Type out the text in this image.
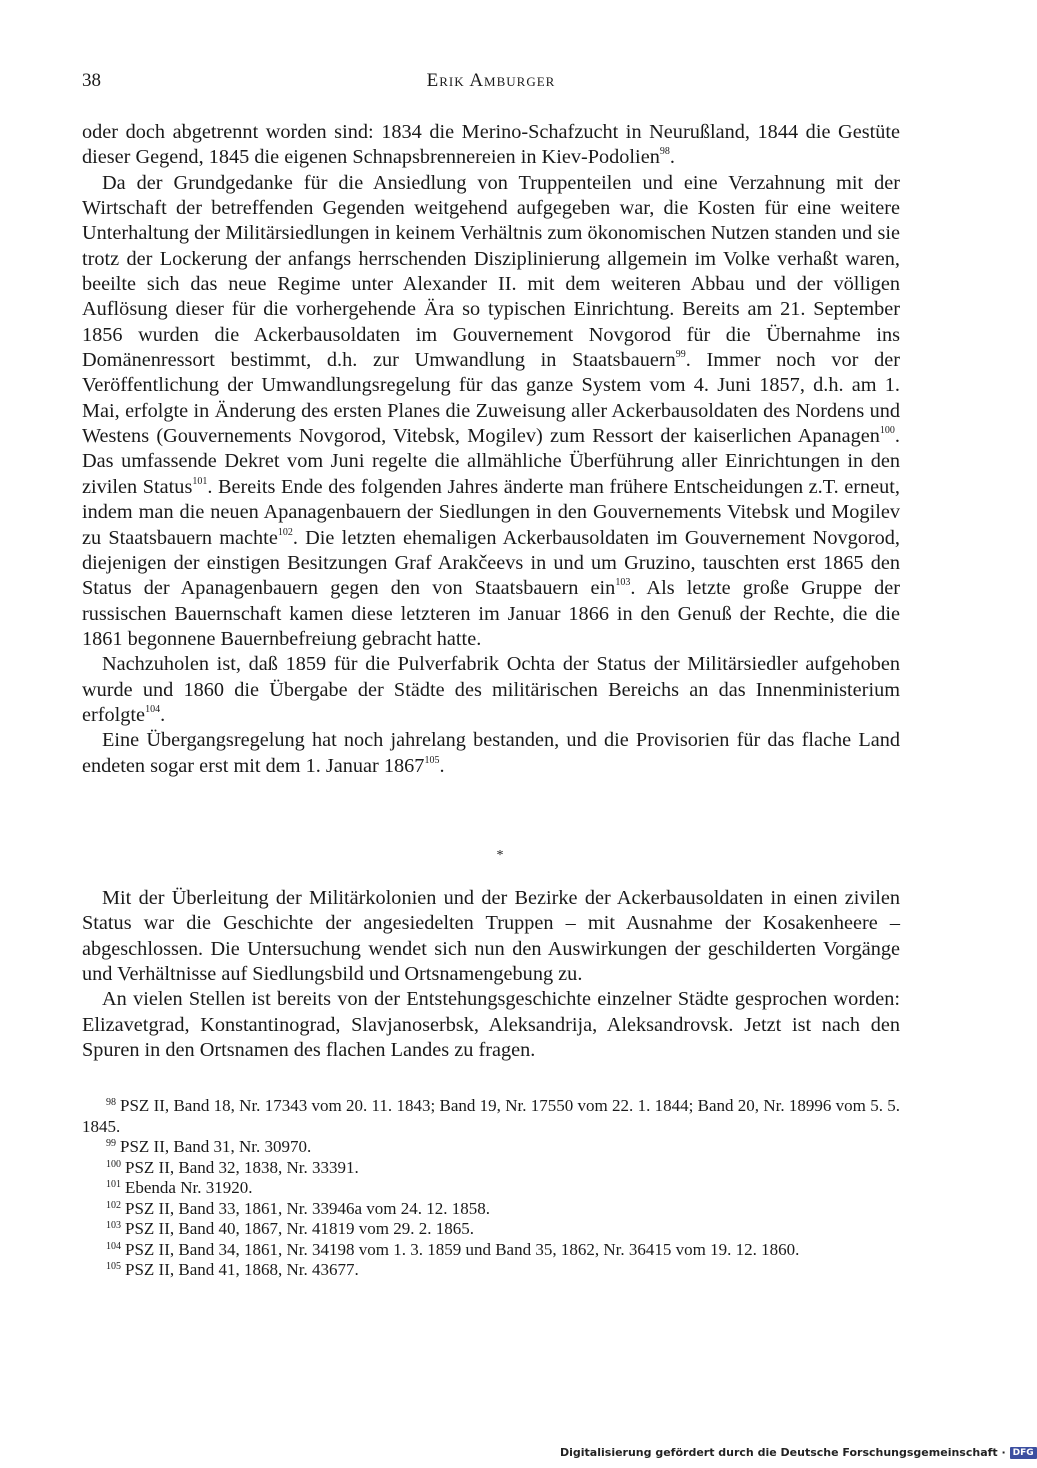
38	Erik Amburger

oder doch abgetrennt worden sind: 1834 die Merino-Schafzucht in Neurußland, 1844 die Gestüte dieser Gegend, 1845 die eigenen Schnapsbrennereien in Kiev-Podolien$^{98}$.

Da der Grundgedanke für die Ansiedlung von Truppenteilen und eine Verzahnung mit der Wirtschaft der betreffenden Gegenden weitgehend aufgegeben war, die Kosten für eine weitere Unterhaltung der Militärsiedlungen in keinem Verhältnis zum ökonomischen Nutzen standen und sie trotz der Lockerung der anfangs herrschenden Disziplinierung allgemein im Volke verhaßt waren, beeilte sich das neue Regime unter Alexander II. mit dem weiteren Abbau und der völligen Auflösung dieser für die vorhergehende Ära so typischen Einrichtung. Bereits am 21. September 1856 wurden die Ackerbausoldaten im Gouvernement Novgorod für die Übernahme ins Domänenressort bestimmt, d.h. zur Umwandlung in Staatsbauern$^{99}$. Immer noch vor der Veröffentlichung der Umwandlungsregelung für das ganze System vom 4. Juni 1857, d.h. am 1. Mai, erfolgte in Änderung des ersten Planes die Zuweisung aller Ackerbausoldaten des Nordens und Westens (Gouvernements Novgorod, Vitebsk, Mogilev) zum Ressort der kaiserlichen Apanagen$^{100}$. Das umfassende Dekret vom Juni regelte die allmähliche Überführung aller Einrichtungen in den zivilen Status$^{101}$. Bereits Ende des folgenden Jahres änderte man frühere Entscheidungen z.T. erneut, indem man die neuen Apanagenbauern der Siedlungen in den Gouvernements Vitebsk und Mogilev zu Staatsbauern machte$^{102}$. Die letzten ehemaligen Ackerbausoldaten im Gouvernement Novgorod, diejenigen der einstigen Besitzungen Graf Arakčeevs in und um Gruzino, tauschten erst 1865 den Status der Apanagenbauern gegen den von Staatsbauern ein$^{103}$. Als letzte große Gruppe der russischen Bauernschaft kamen diese letzteren im Januar 1866 in den Genuß der Rechte, die die 1861 begonnene Bauernbefreiung gebracht hatte.

Nachzuholen ist, daß 1859 für die Pulverfabrik Ochta der Status der Militärsiedler aufgehoben wurde und 1860 die Übergabe der Städte des militärischen Bereichs an das Innenministerium erfolgte$^{104}$.

Eine Übergangsregelung hat noch jahrelang bestanden, und die Provisorien für das flache Land endeten sogar erst mit dem 1. Januar 1867$^{105}$.

*

Mit der Überleitung der Militärkolonien und der Bezirke der Ackerbausoldaten in einen zivilen Status war die Geschichte der angesiedelten Truppen – mit Ausnahme der Kosakenheere – abgeschlossen. Die Untersuchung wendet sich nun den Auswirkungen der geschilderten Vorgänge und Verhältnisse auf Siedlungsbild und Ortsnamengebung zu.

An vielen Stellen ist bereits von der Entstehungsgeschichte einzelner Städte gesprochen worden: Elizavetgrad, Konstantinograd, Slavjanoserbsk, Aleksandrija, Aleksandrovsk. Jetzt ist nach den Spuren in den Ortsnamen des flachen Landes zu fragen.

$^{98}$ PSZ II, Band 18, Nr. 17343 vom 20. 11. 1843; Band 19, Nr. 17550 vom 22. 1. 1844; Band 20, Nr. 18996 vom 5. 5. 1845.

$^{99}$ PSZ II, Band 31, Nr. 30970.

$^{100}$ PSZ II, Band 32, 1838, Nr. 33391.

$^{101}$ Ebenda Nr. 31920.

$^{102}$ PSZ II, Band 33, 1861, Nr. 33946a vom 24. 12. 1858.

$^{103}$ PSZ II, Band 40, 1867, Nr. 41819 vom 29. 2. 1865.

$^{104}$ PSZ II, Band 34, 1861, Nr. 34198 vom 1. 3. 1859 und Band 35, 1862, Nr. 36415 vom 19. 12. 1860.

$^{105}$ PSZ II, Band 41, 1868, Nr. 43677.

Digitalisierung gefördert durch die Deutsche Forschungsgemeinschaft · DFG
